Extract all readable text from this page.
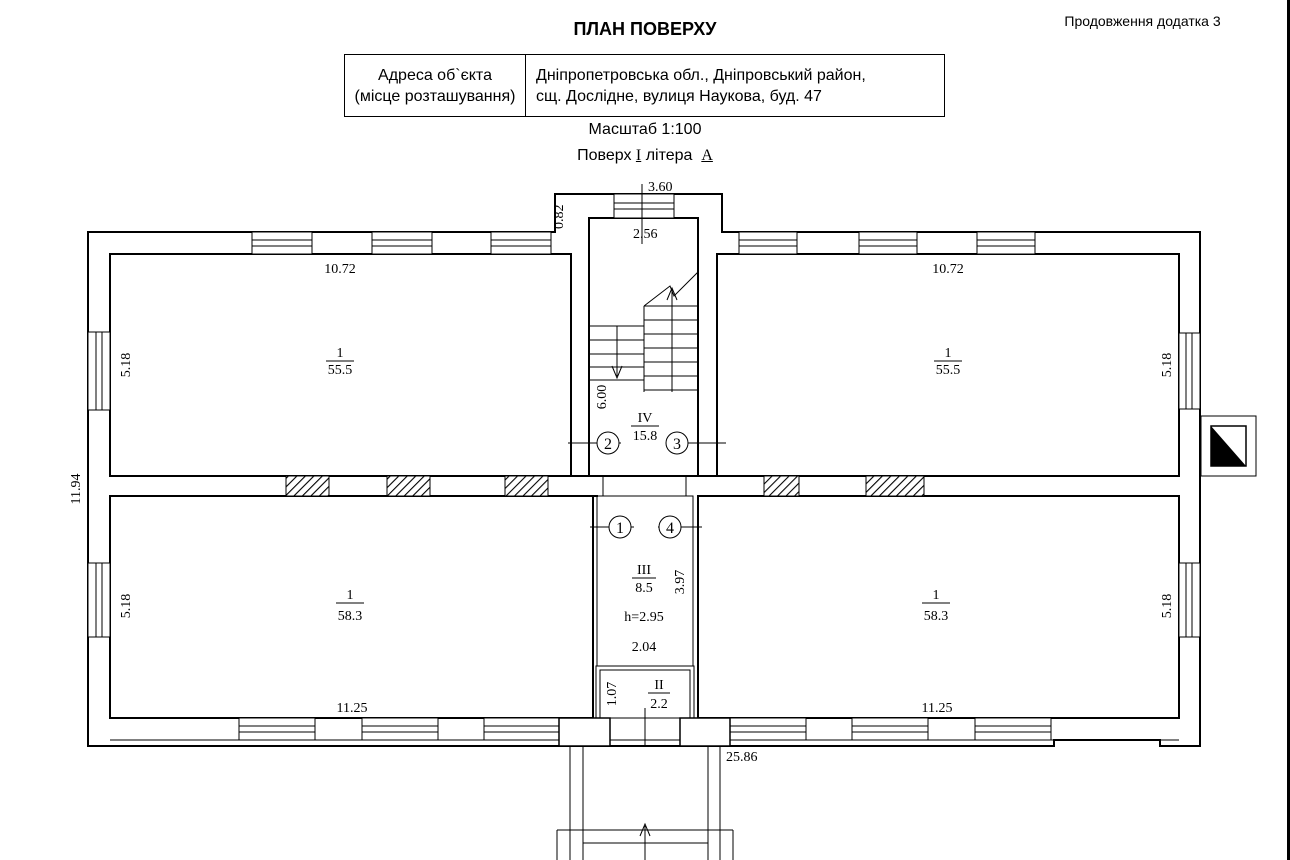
ПЛАН ПОВЕРХУ	Продовження додатка 3
Адреса об`єкта
(місце розташування)

Дніпропетровська обл., Дніпровський район,
сщ. Дослідне, вулиця Наукова, буд. 47
Масштаб 1:100
Поверх I літера А
2	3
1	4
3.60
2.56
0.82
10.72	10.72
5.18	5.18
11.94
5.18	5.18
11.25	11.25
6.00
3.97
2.04
1.07
25.86
h=2.95
1
55.5
1
55.5
IV
15.8
III
8.5
1
58.3
1
58.3
II
2.2
